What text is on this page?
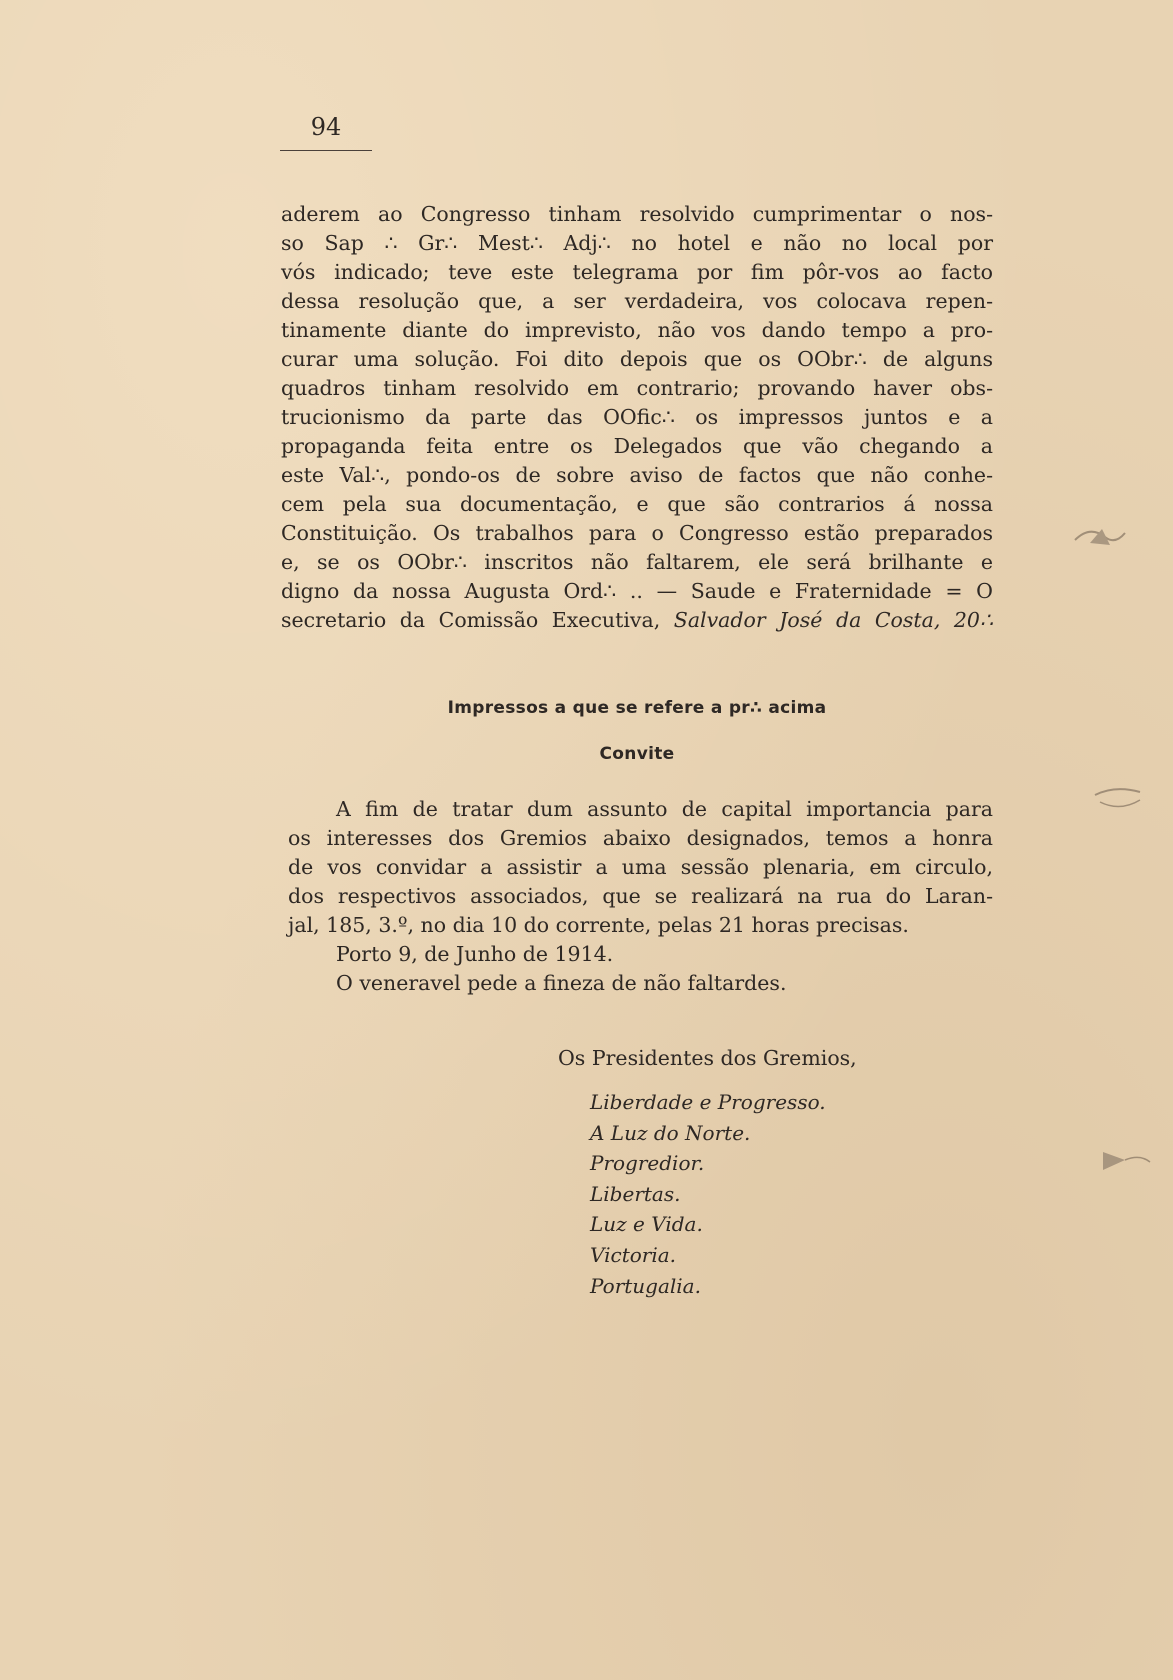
94
aderem ao Congresso tinham resolvido cumprimentar o nos-
so Sap ∴ Gr∴ Mest∴ Adj∴ no hotel e não no local por
vós indicado; teve este telegrama por fim pôr-vos ao facto
dessa resolução que, a ser verdadeira, vos colocava repen-
tinamente diante do imprevisto, não vos dando tempo a pro-
curar uma solução. Foi dito depois que os OObr∴ de alguns
quadros tinham resolvido em contrario; provando haver obs-
trucionismo da parte das OOfic∴ os impressos juntos e a
propaganda feita entre os Delegados que vão chegando a
este Val∴, pondo-os de sobre aviso de factos que não conhe-
cem pela sua documentação, e que são contrarios á nossa
Constituição. Os trabalhos para o Congresso estão preparados
e, se os OObr∴ inscritos não faltarem, ele será brilhante e
digno da nossa Augusta Ord∴ .. — Saude e Fraternidade = O
secretario da Comissão Executiva, Salvador José da Costa, 20∴
Impressos a que se refere a pr∴ acima
Convite
A fim de tratar dum assunto de capital importancia para
os interesses dos Gremios abaixo designados, temos a honra
de vos convidar a assistir a uma sessão plenaria, em circulo,
dos respectivos associados, que se realizará na rua do Laran-
jal, 185, 3.º, no dia 10 do corrente, pelas 21 horas precisas.
Porto 9, de Junho de 1914.
O veneravel pede a fineza de não faltardes.
Os Presidentes dos Gremios,
Liberdade e Progresso.
A Luz do Norte.
Progredior.
Libertas.
Luz e Vida.
Victoria.
Portugalia.
